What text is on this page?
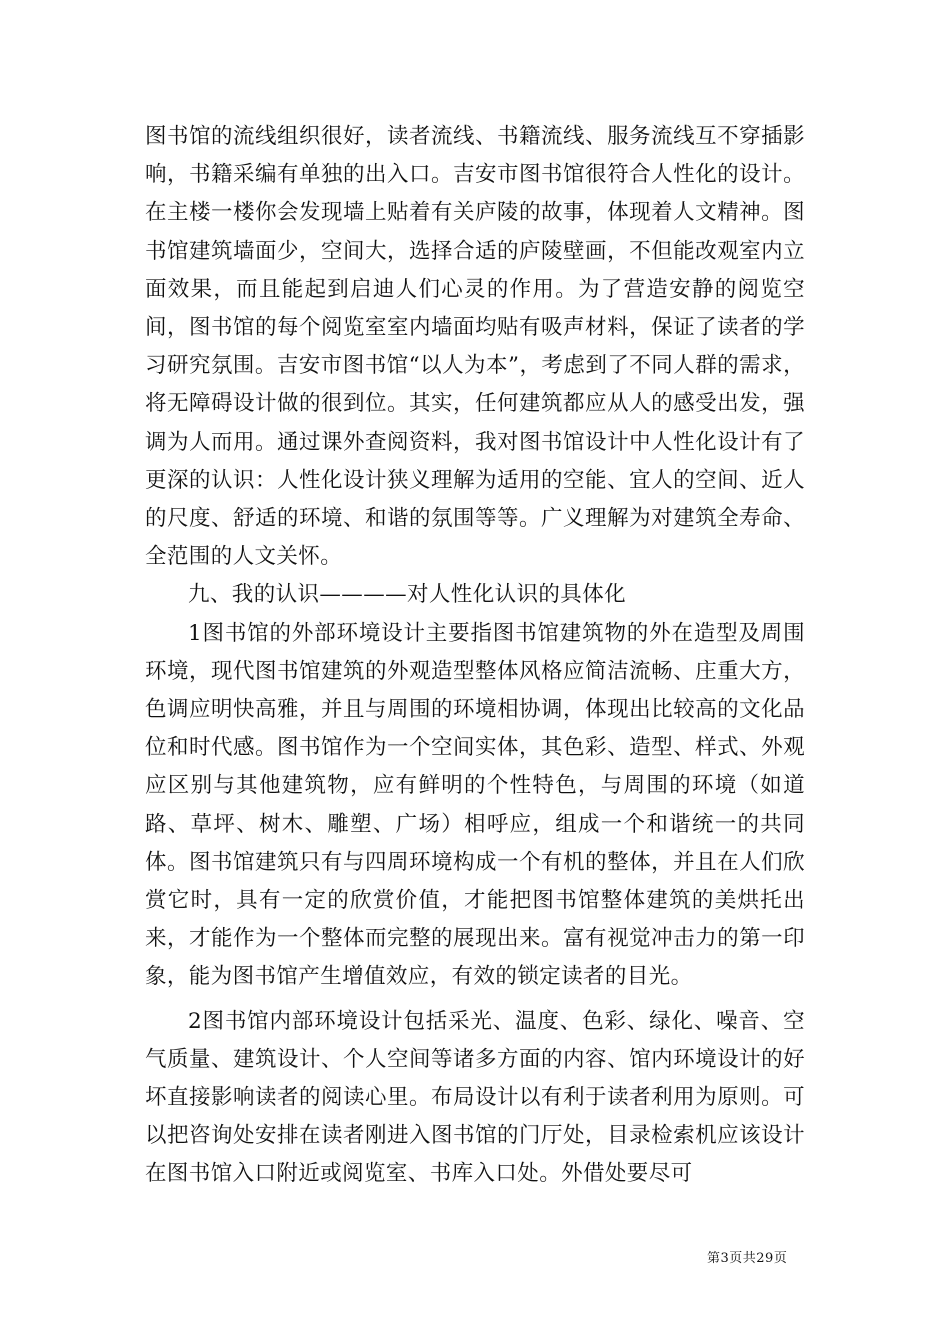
图书馆的流线组织很好，读者流线、书籍流线、服务流线互不穿插影响，书籍采编有单独的出入口。吉安市图书馆很符合人性化的设计。在主楼一楼你会发现墙上贴着有关庐陵的故事，体现着人文精神。图书馆建筑墙面少，空间大，选择合适的庐陵壁画，不但能改观室内立面效果，而且能起到启迪人们心灵的作用。为了营造安静的阅览空间，图书馆的每个阅览室室内墙面均贴有吸声材料，保证了读者的学习研究氛围。吉安市图书馆“以人为本”，考虑到了不同人群的需求，将无障碍设计做的很到位。其实，任何建筑都应从人的感受出发，强调为人而用。通过课外查阅资料，我对图书馆设计中人性化设计有了更深的认识：人性化设计狭义理解为适用的空能、宜人的空间、近人的尺度、舒适的环境、和谐的氛围等等。广义理解为对建筑全寿命、全范围的人文关怀。

九、我的认识————对人性化认识的具体化

1图书馆的外部环境设计主要指图书馆建筑物的外在造型及周围环境，现代图书馆建筑的外观造型整体风格应简洁流畅、庄重大方，色调应明快高雅，并且与周围的环境相协调，体现出比较高的文化品位和时代感。图书馆作为一个空间实体，其色彩、造型、样式、外观应区别与其他建筑物，应有鲜明的个性特色，与周围的环境（如道路、草坪、树木、雕塑、广场）相呼应，组成一个和谐统一的共同体。图书馆建筑只有与四周环境构成一个有机的整体，并且在人们欣赏它时，具有一定的欣赏价值，才能把图书馆整体建筑的美烘托出来，才能作为一个整体而完整的展现出来。富有视觉冲击力的第一印象，能为图书馆产生增值效应，有效的锁定读者的目光。

2图书馆内部环境设计包括采光、温度、色彩、绿化、噪音、空气质量、建筑设计、个人空间等诸多方面的内容、馆内环境设计的好坏直接影响读者的阅读心里。布局设计以有利于读者利用为原则。可以把咨询处安排在读者刚进入图书馆的门厅处，目录检索机应该设计在图书馆入口附近或阅览室、书库入口处。外借处要尽可

第3页共29页
